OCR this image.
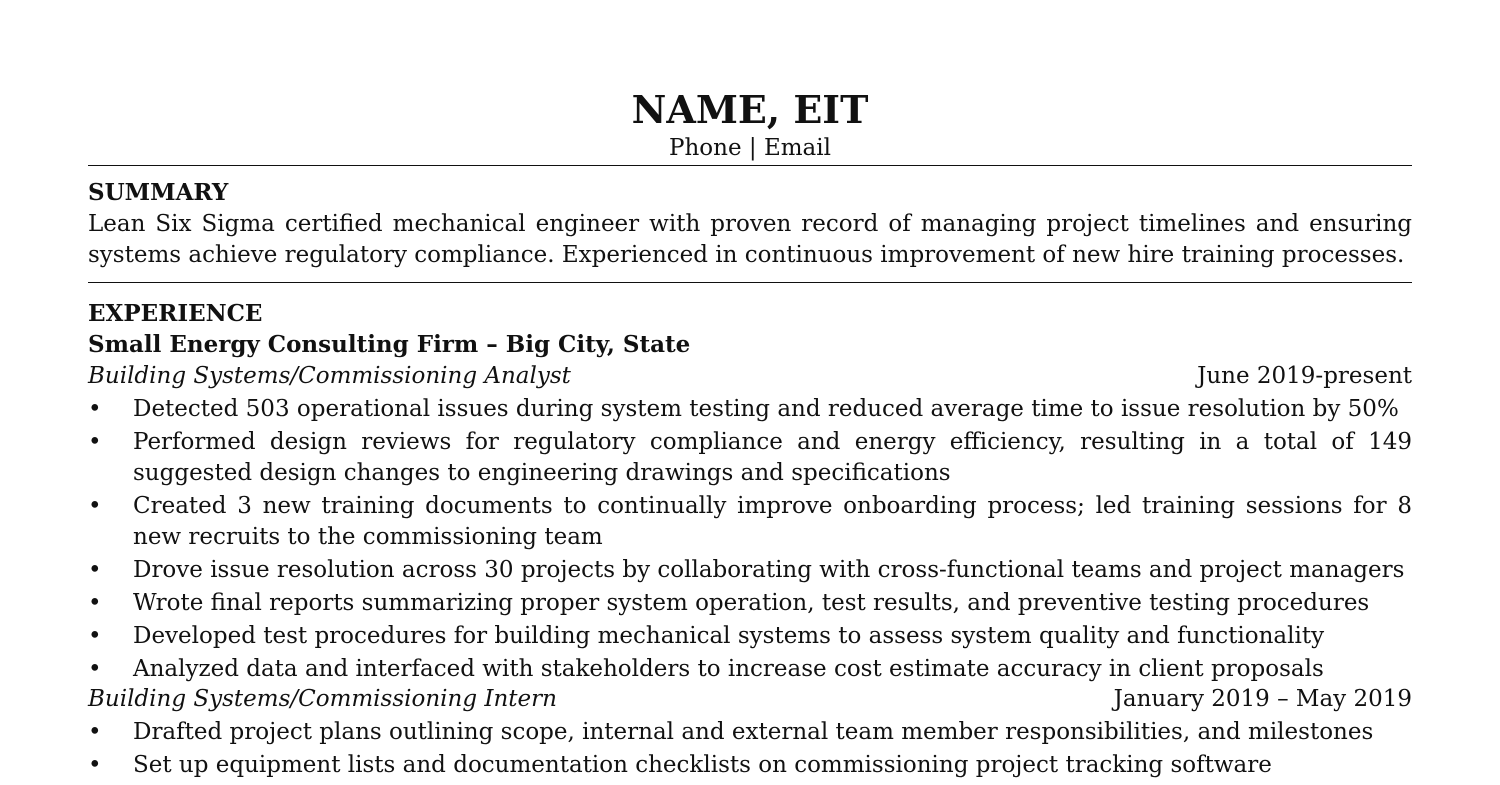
NAME, EIT
Phone | Email
SUMMARY
Lean Six Sigma certified mechanical engineer with proven record of managing project timelines and ensuring
systems achieve regulatory compliance. Experienced in continuous improvement of new hire training processes.
EXPERIENCE
Small Energy Consulting Firm – Big City, State
Building Systems/Commissioning Analyst	June 2019-present
• Detected 503 operational issues during system testing and reduced average time to issue resolution by 50%
• Performed design reviews for regulatory compliance and energy efficiency, resulting in a total of 149
suggested design changes to engineering drawings and specifications
• Created 3 new training documents to continually improve onboarding process; led training sessions for 8
new recruits to the commissioning team
• Drove issue resolution across 30 projects by collaborating with cross-functional teams and project managers
• Wrote final reports summarizing proper system operation, test results, and preventive testing procedures
• Developed test procedures for building mechanical systems to assess system quality and functionality
• Analyzed data and interfaced with stakeholders to increase cost estimate accuracy in client proposals
Building Systems/Commissioning Intern	January 2019 – May 2019
• Drafted project plans outlining scope, internal and external team member responsibilities, and milestones
• Set up equipment lists and documentation checklists on commissioning project tracking software
